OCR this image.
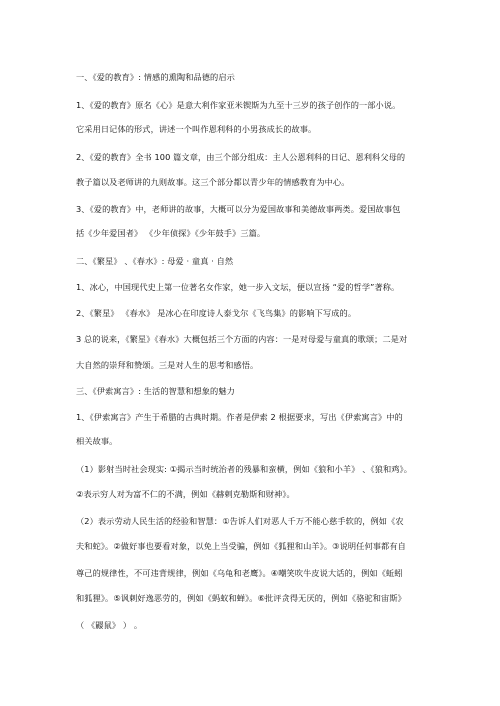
一、《爱的教育》: 情感的熏陶和品德的启示
1、《爱的教育》原名《心》是意大利作家亚米锲斯为九至十三岁的孩子创作的一部小说。
它采用日记体的形式，讲述一个叫作恩利科的小男孩成长的故事。
2、《爱的教育》全书 100 篇文章，由三个部分组成：主人公恩利科的日记、恩利科父母的
教子篇以及老师讲的九则故事。这三个部分都以青少年的情感教育为中心。
3、《爱的教育》中，老师讲的故事，大概可以分为爱国故事和美德故事两类。爱国故事包
括《少年爱国者》 《少年侦探》《少年鼓手》三篇。
二、《繁星》 、《春水》: 母爱 · 童真 · 自然
1、冰心，中国现代史上第一位著名女作家，她一步入文坛，便以宣扬 “爱的哲学”著称。
2、《繁星》 《春水》 是冰心在印度诗人泰戈尔《飞鸟集》的影响下写成的。
3 总的说来，《繁星》《春水》大概包括三个方面的内容：一是对母爱与童真的歌颂；二是对
大自然的崇拜和赞颂。三是对人生的思考和感悟。
三、《伊索寓言》: 生活的智慧和想象的魅力
1、《伊索寓言》产生于希腊的古典时期。作者是伊索 2 根据要求，写出《伊索寓言》中的
相关故事。
（1）影射当时社会现实: ①揭示当时统治者的残暴和蛮横，例如《狼和小羊》 、《狼和鸡》。
②表示穷人对为富不仁的不满，例如《赫剌克勒斯和财神》。
（2）表示劳动人民生活的经验和智慧：①告诉人们对恶人千万不能心慈手软的，例如《农
夫和蛇》。②做好事也要看对象，以免上当受骗，例如《狐狸和山羊》。③说明任何事都有自
尊己的规律性，不可违背规律，例如《乌龟和老鹰》。④嘲笑吹牛皮说大话的，例如《蚯蚓
和狐狸》。⑤讽刺好逸恶劳的，例如《蚂蚁和蝉》。⑥批评贪得无厌的，例如《骆驼和宙斯》
（ 《鼹鼠》 ） 。
